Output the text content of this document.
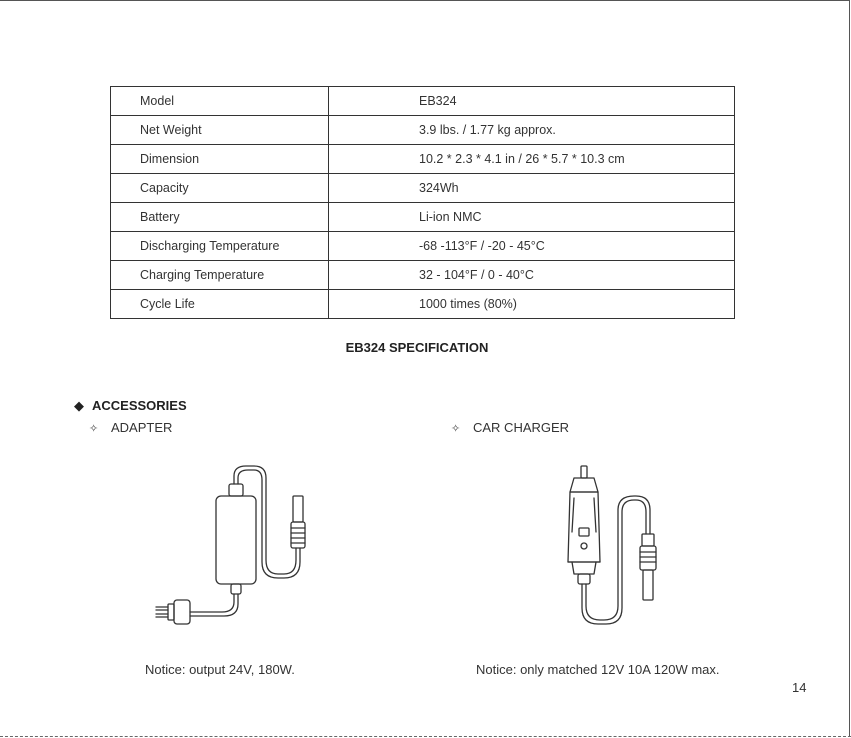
Model	EB324
Net Weight	3.9 lbs. / 1.77 kg approx.
Dimension	10.2 * 2.3 * 4.1 in / 26 * 5.7 * 10.3 cm
Capacity	324Wh
Battery	Li-ion NMC
Discharging Temperature	-68 -113°F / -20 - 45°C
Charging Temperature	32 - 104°F / 0 - 40°C
Cycle Life	1000 times (80%)
EB324 SPECIFICATION
◆ ACCESSORIES
✧ ADAPTER	✧ CAR CHARGER
Notice: output 24V, 180W.	Notice: only matched 12V 10A 120W max.
14
